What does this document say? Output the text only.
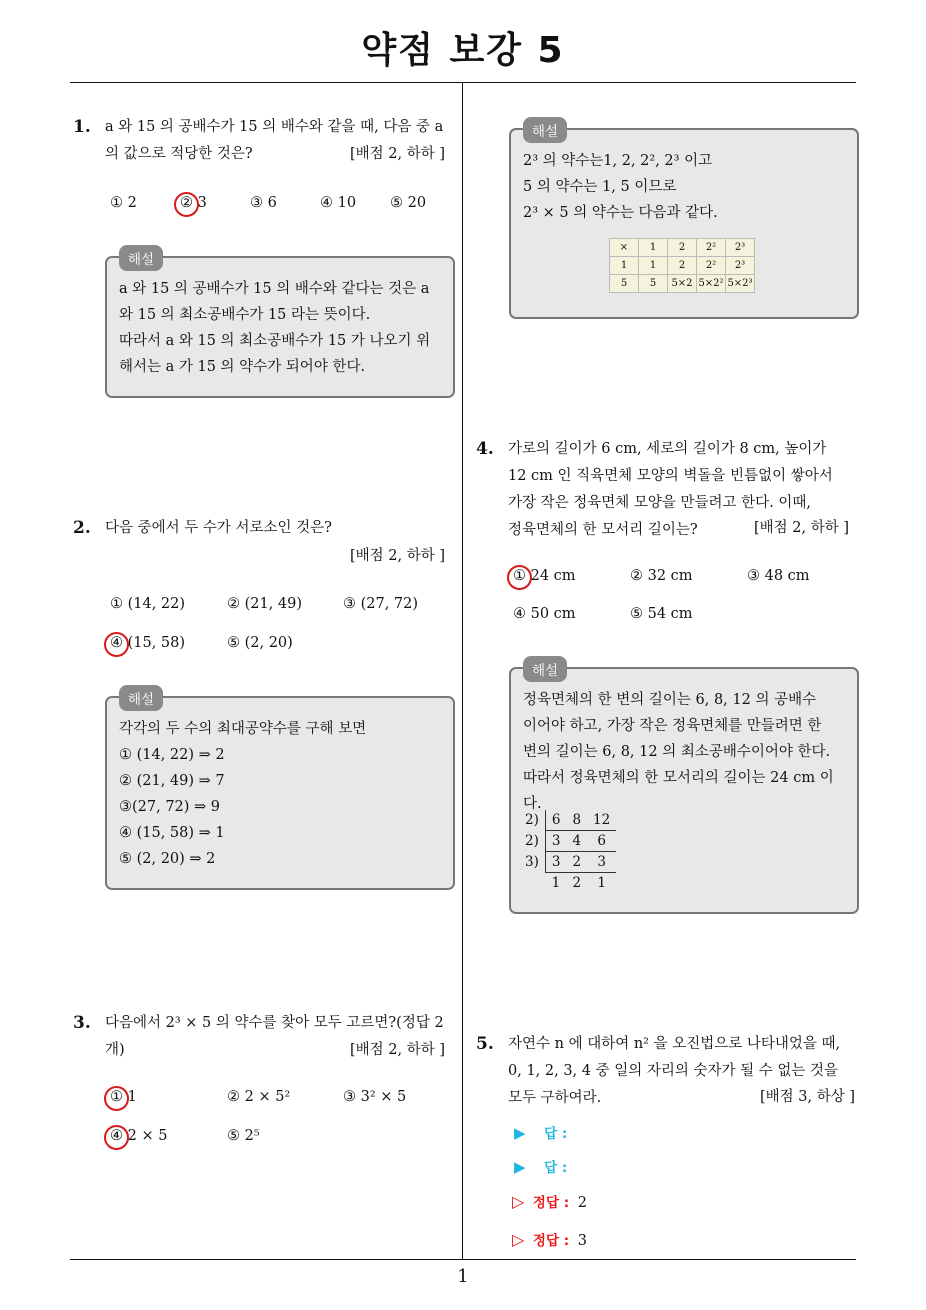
약점 보강 5
1
1. a 와 15 의 공배수가 15 의 배수와 같을 때, 다음 중 a
의 값으로 적당한 것은?	[배점 2, 하하 ]
① 2	② 3	③ 6	④ 10 ⑤ 20
해설
a 와 15 의 공배수가 15 의 배수와 같다는 것은 a
와 15 의 최소공배수가 15 라는 뜻이다.
따라서 a 와 15 의 최소공배수가 15 가 나오기 위
해서는 a 가 15 의 약수가 되어야 한다.
2. 다음 중에서 두 수가 서로소인 것은?
[배점 2, 하하 ]
① (14, 22)	② (21, 49)	③ (27, 72)
④ (15, 58)	⑤ (2, 20)
해설
각각의 두 수의 최대공약수를 구해 보면
① (14, 22) ⇒ 2
② (21, 49) ⇒ 7
③(27, 72) ⇒ 9
④ (15, 58) ⇒ 1
⑤ (2, 20) ⇒ 2
3. 다음에서 2³ × 5 의 약수를 찾아 모두 고르면?(정답 2
개)	[배점 2, 하하 ]
① 1	② 2 × 5²	③ 3² × 5
④ 2 × 5	⑤ 2⁵
해설
2³ 의 약수는1, 2, 2², 2³ 이고
5 의 약수는 1, 5 이므로
2³ × 5 의 약수는 다음과 같다.
×	1	2	2²	2³
1	1	2	2²	2³
5	5	5×2	5×2²	5×2³
4. 가로의 길이가 6 cm, 세로의 길이가 8 cm, 높이가
12 cm 인 직육면체 모양의 벽돌을 빈틈없이 쌓아서
가장 작은 정육면체 모양을 만들려고 한다. 이때,
정육면체의 한 모서리 길이는?	[배점 2, 하하 ]
① 24 cm	② 32 cm	③ 48 cm
④ 50 cm	⑤ 54 cm
해설
정육면체의 한 변의 길이는 6, 8, 12 의 공배수
이어야 하고, 가장 작은 정육면체를 만들려면 한
변의 길이는 6, 8, 12 의 최소공배수이어야 한다.
따라서 정육면체의 한 모서리의 길이는 24 cm 이
다.
2)	6	8	12
2)	3	4	6
3)	3	2	3
	1	2	1
5. 자연수 n 에 대하여 n² 을 오진법으로 나타내었을 때,
0, 1, 2, 3, 4 중 일의 자리의 숫자가 될 수 없는 것을
모두 구하여라.	[배점 3, 하상 ]
▶ 답 :
▶ 답 :
▷ 정답 : 2
▷ 정답 : 3
